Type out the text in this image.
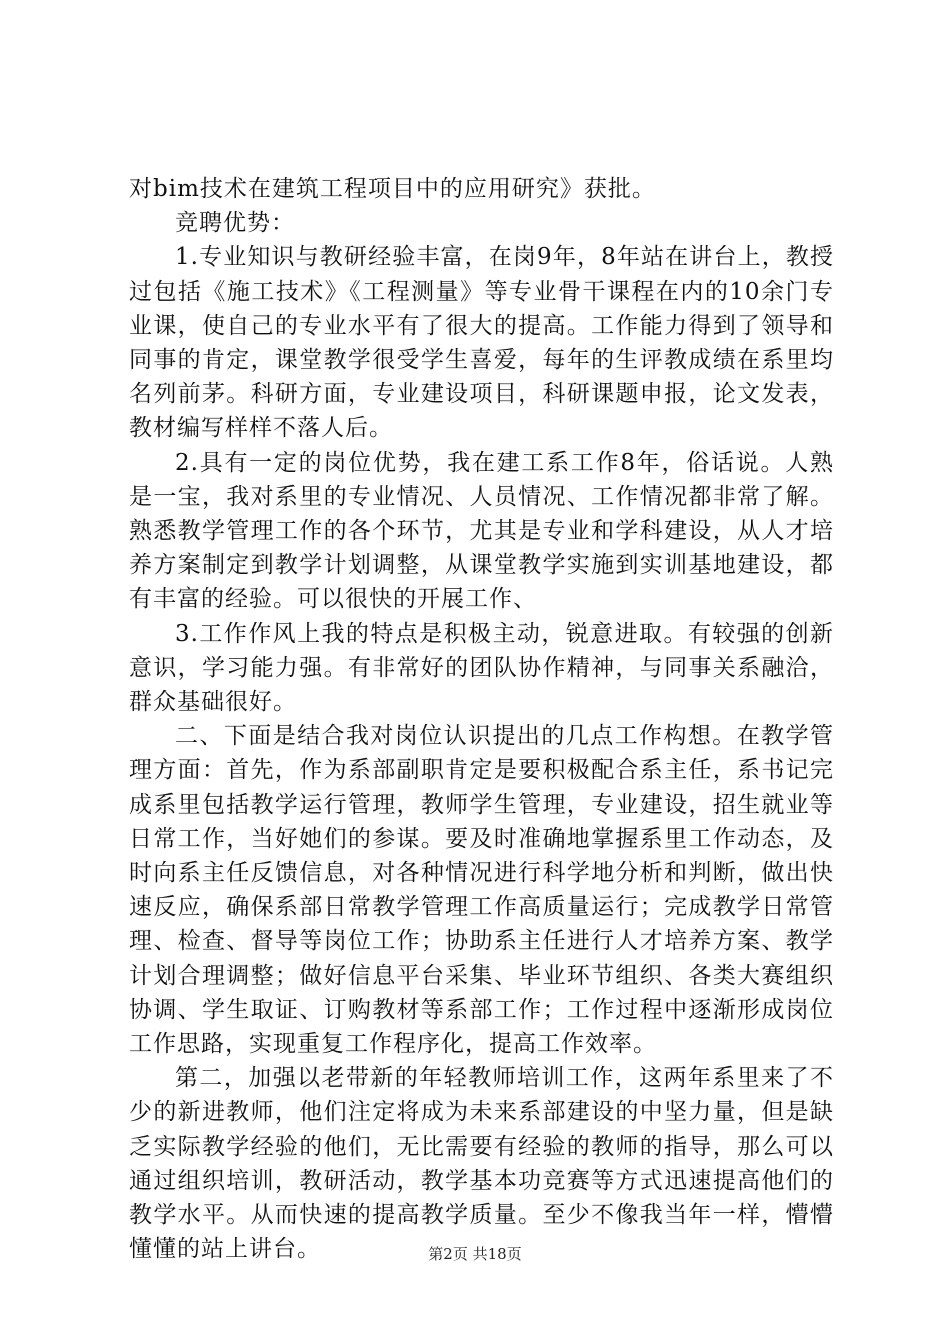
对bim技术在建筑工程项目中的应用研究》获批。

竞聘优势：

1.专业知识与教研经验丰富，在岗9年，8年站在讲台上，教授过包括《施工技术》《工程测量》等专业骨干课程在内的10余门专业课，使自己的专业水平有了很大的提高。工作能力得到了领导和同事的肯定，课堂教学很受学生喜爱，每年的生评教成绩在系里均名列前茅。科研方面，专业建设项目，科研课题申报，论文发表，教材编写样样不落人后。

2.具有一定的岗位优势，我在建工系工作8年，俗话说。人熟是一宝，我对系里的专业情况、人员情况、工作情况都非常了解。熟悉教学管理工作的各个环节，尤其是专业和学科建设，从人才培养方案制定到教学计划调整，从课堂教学实施到实训基地建设，都有丰富的经验。可以很快的开展工作、

3.工作作风上我的特点是积极主动，锐意进取。有较强的创新意识，学习能力强。有非常好的团队协作精神，与同事关系融洽，群众基础很好。

二、下面是结合我对岗位认识提出的几点工作构想。在教学管理方面：首先，作为系部副职肯定是要积极配合系主任，系书记完成系里包括教学运行管理，教师学生管理，专业建设，招生就业等日常工作，当好她们的参谋。要及时准确地掌握系里工作动态，及时向系主任反馈信息，对各种情况进行科学地分析和判断，做出快速反应，确保系部日常教学管理工作高质量运行；完成教学日常管理、检查、督导等岗位工作；协助系主任进行人才培养方案、教学计划合理调整；做好信息平台采集、毕业环节组织、各类大赛组织协调、学生取证、订购教材等系部工作；工作过程中逐渐形成岗位工作思路，实现重复工作程序化，提高工作效率。

第二，加强以老带新的年轻教师培训工作，这两年系里来了不少的新进教师，他们注定将成为未来系部建设的中坚力量，但是缺乏实际教学经验的他们，无比需要有经验的教师的指导，那么可以通过组织培训，教研活动，教学基本功竞赛等方式迅速提高他们的教学水平。从而快速的提高教学质量。至少不像我当年一样，懵懵懂懂的站上讲台。	第2页 共18页
